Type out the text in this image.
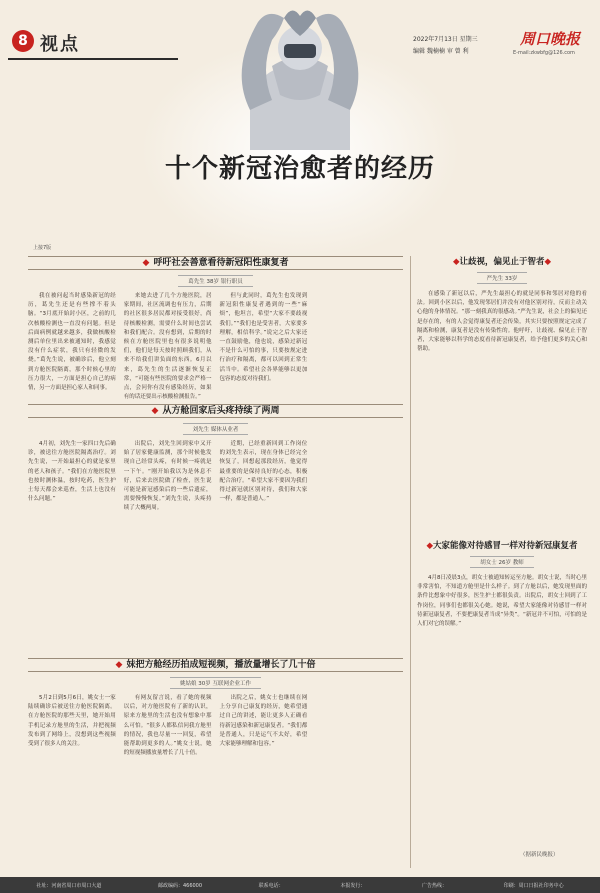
十个新冠治愈者的经历
上接7版
8 视点	2022年7月13日 星期三
编辑 魏楠楠 审 曾 利
周口晚报
E-mail:zkwbfg@126.com
◆ 呼吁社会善意看待新冠阳性康复者
葛先生 38岁 银行职员
我在被问起当时感染新冠的经历，葛先生还是有些撑不着头脑。“3月底开始封小区，之前的几次核酸检测也一直没有问题。但是后面病例就越来越多，我做核酸检测后单位里出来被通知时，我感觉没有什么症状，我只有轻微的发烧。”葛先生说，被确诊后，他立刻到方舱医院隔离，那个时候心里的压力很大，一方面是担心自己的病情，另一方面是担心家人和同事。
来她去进了几个方舱医院，居家期间，社区流调也有压力，后期的社区很多居民都对接受很好，尚待核酸检测，需要什么时间也尝试和我们配合。没有想到，后期的时候在方舱医院里也有很多说明他们，他们是每天按时照顾我们，从来不给我们讲负面的东西。6月以来，葛先生的生活逐渐恢复正常，“可能有些医院的要求会严格一点，会问你有没有感染经历，如果有的话还要出示核酸检测报告。”
但与此同时，葛先生也发现到新冠阳性康复者遇到的一些“麻烦”，他坦言，希望“大家不要歧视我们。”“我们也是受害者，大家要多理解，相信科学。”说完之后大家还一直鼓励他，他也说，感染过新冠不是什么可怕的事，只要按规定进行治疗和隔离，都可以回到正常生活当中。希望社会各界能够以更加包容的态度对待我们。
◆ 从方舱回家后头疼持续了两周
刘先生 媒体从业者
4月初，刘先生一家四口先后确诊，被送往方舱医院隔离治疗。刘先生说，一开始最担心的就是家里的老人和孩子。“我们在方舱医院里也按时测体温，按时吃药，医生护士每天都会来巡查，生活上也没有什么问题。”
出院后，刘先生回到家中又开始了居家健康监测，那个时候他发现自己经常头疼，有时候一疼就是一下午。“刚开始我以为是休息不好，后来去医院做了检查，医生说可能是新冠感染后的一些后遗症，需要慢慢恢复。”刘先生说，头疼持续了大概两周。
近期，已经重新回到工作岗位的刘先生表示，现在身体已经完全恢复了，回想起那段经历，他觉得最重要的是保持良好的心态，积极配合治疗。“希望大家不要因为我们得过新冠就区别对待，我们和大家一样，都是普通人。”
◆ 妹把方舱经历拍成短视频，播放量增长了几十倍
姚姑娘 30岁 互联网企业工作
5月2日到5月6日，姚女士一家陆续确诊后被送往方舱医院隔离。在方舱医院的那些天里，她开始用手机记录方舱里的生活，并把视频发布到了网络上，没想到这些视频受到了很多人的关注。
有网友留言说，看了她的视频以后，对方舱医院有了新的认识，原来方舱里的生活也没有想象中那么可怕。“很多人都私信问我方舱里的情况，我也尽量一一回复，希望能帮助到更多的人。”姚女士说，她的短视频播放量增长了几十倍。
出院之后，姚女士也继续在网上分享自己康复的经历，她希望通过自己的讲述，能让更多人正确看待新冠感染和新冠康复者。“我们都是普通人，只是运气不太好，希望大家能够理解和包容。”
◆让歧视，偏见止于智者◆
严先生 33岁
在感染了新冠以后，严先生最担心的就是同事和邻居对他的看法。回到小区以后，他发现邻居们并没有对他区别对待，反而主动关心他的身体情况。“那一刻我真的很感动。”严先生说，社会上的偏见还是存在的，有的人会觉得康复者还会传染，其实只要按照规定完成了隔离和检测，康复者是没有传染性的。他呼吁，让歧视、偏见止于智者，大家能够以科学的态度看待新冠康复者，给予他们更多的关心和帮助。
◆大家能像对待感冒一样对待新冠康复者
胡女士 26岁 教师
4月8日凌晨3点，胡女士被通知转运至方舱。胡女士说，当时心里非常害怕，不知道方舱里是什么样子。到了方舱以后，她发现里面的条件比想象中好很多，医生护士都很负责。出院后，胡女士回到了工作岗位，同事们也都很关心她。她说，希望大家能像对待感冒一样对待新冠康复者，不要把康复者当成“异类”。“新冠并不可怕，可怕的是人们对它的误解。”
（据新民晚报）
社址：河南省周口市周口大道	邮政编码：466000	联系电话：	本报发行：	广告热线：	印刷：周口日报社印务中心
